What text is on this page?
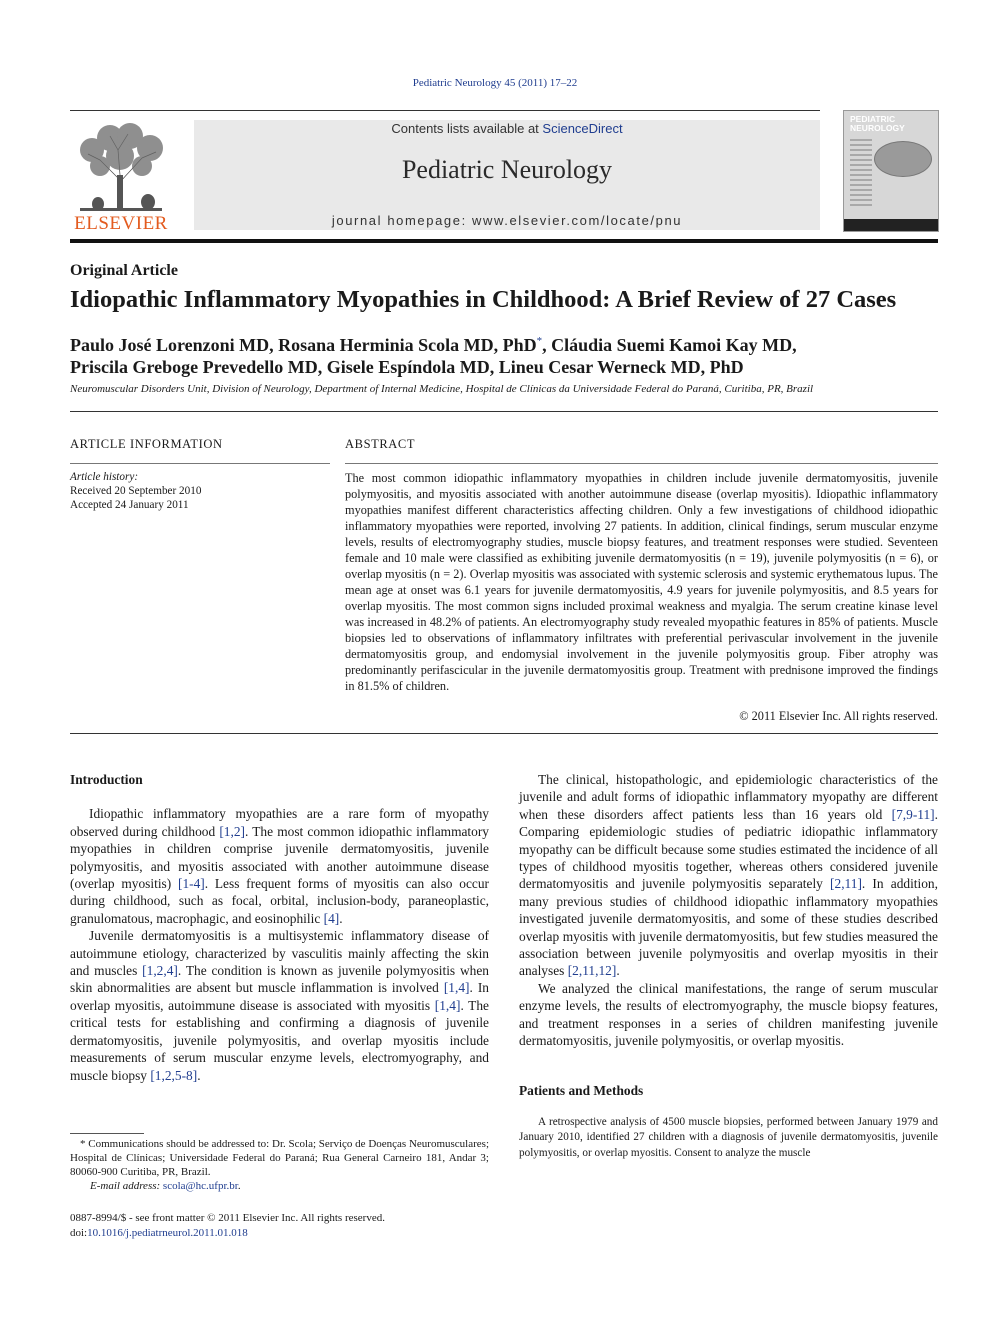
Pediatric Neurology 45 (2011) 17–22
ELSEVIER
Contents lists available at ScienceDirect
Pediatric Neurology
journal homepage: www.elsevier.com/locate/pnu
PEDIATRIC NEUROLOGY
Original Article
Idiopathic Inflammatory Myopathies in Childhood: A Brief Review of 27 Cases
Paulo José Lorenzoni MD, Rosana Herminia Scola MD, PhD*, Cláudia Suemi Kamoi Kay MD,
Priscila Greboge Prevedello MD, Gisele Espíndola MD, Lineu Cesar Werneck MD, PhD
Neuromuscular Disorders Unit, Division of Neurology, Department of Internal Medicine, Hospital de Clínicas da Universidade Federal do Paraná, Curitiba, PR, Brazil
ARTICLE INFORMATION	ABSTRACT
Article history:
Received 20 September 2010
Accepted 24 January 2011
The most common idiopathic inflammatory myopathies in children include juvenile dermatomyositis, juvenile polymyositis, and myositis associated with another autoimmune disease (overlap myositis). Idiopathic inflammatory myopathies manifest different characteristics affecting children. Only a few investigations of childhood idiopathic inflammatory myopathies were reported, involving 27 patients. In addition, clinical findings, serum muscular enzyme levels, results of electromyography studies, muscle biopsy features, and treatment responses were studied. Seventeen female and 10 male were classified as exhibiting juvenile dermatomyositis (n = 19), juvenile polymyositis (n = 6), or overlap myositis (n = 2). Overlap myositis was associated with systemic sclerosis and systemic erythematous lupus. The mean age at onset was 6.1 years for juvenile dermatomyositis, 4.9 years for juvenile polymyositis, and 8.5 years for overlap myositis. The most common signs included proximal weakness and myalgia. The serum creatine kinase level was increased in 48.2% of patients. An electromyography study revealed myopathic features in 85% of patients. Muscle biopsies led to observations of inflammatory infiltrates with preferential perivascular involvement in the juvenile dermatomyositis group, and endomysial involvement in the juvenile polymyositis group. Fiber atrophy was predominantly perifascicular in the juvenile dermatomyositis group. Treatment with prednisone improved the findings in 81.5% of children.
© 2011 Elsevier Inc. All rights reserved.
Introduction

Idiopathic inflammatory myopathies are a rare form of myopathy observed during childhood [1,2]. The most common idiopathic inflammatory myopathies in children comprise juvenile dermatomyositis, juvenile polymyositis, and myositis associated with another autoimmune disease (overlap myositis) [1-4]. Less frequent forms of myositis can also occur during childhood, such as focal, orbital, inclusion-body, paraneoplastic, granulomatous, macrophagic, and eosinophilic [4].

Juvenile dermatomyositis is a multisystemic inflammatory disease of autoimmune etiology, characterized by vasculitis mainly affecting the skin and muscles [1,2,4]. The condition is known as juvenile polymyositis when skin abnormalities are absent but muscle inflammation is involved [1,4]. In overlap myositis, autoimmune disease is associated with myositis [1,4]. The critical tests for establishing and confirming a diagnosis of juvenile dermatomyositis, juvenile polymyositis, and overlap myositis include measurements of serum muscular enzyme levels, electromyography, and muscle biopsy [1,2,5-8].

The clinical, histopathologic, and epidemiologic characteristics of the juvenile and adult forms of idiopathic inflammatory myopathy are different when these disorders affect patients less than 16 years old [7,9-11]. Comparing epidemiologic studies of pediatric idiopathic inflammatory myopathy can be difficult because some studies estimated the incidence of all types of childhood myositis together, whereas others considered juvenile dermatomyositis and juvenile polymyositis separately [2,11]. In addition, many previous studies of childhood idiopathic inflammatory myopathies investigated juvenile dermatomyositis, and some of these studies described overlap myositis with juvenile dermatomyositis, but few studies measured the association between juvenile polymyositis and overlap myositis in their analyses [2,11,12].

We analyzed the clinical manifestations, the range of serum muscular enzyme levels, the results of electromyography, the muscle biopsy features, and treatment responses in a series of children manifesting juvenile dermatomyositis, juvenile polymyositis, or overlap myositis.

Patients and Methods

A retrospective analysis of 4500 muscle biopsies, performed between January 1979 and January 2010, identified 27 children with a diagnosis of juvenile dermatomyositis, juvenile polymyositis, or overlap myositis. Consent to analyze the muscle

* Communications should be addressed to: Dr. Scola; Serviço de Doenças Neuromusculares; Hospital de Clínicas; Universidade Federal do Paraná; Rua General Carneiro 181, Andar 3; 80060-900 Curitiba, PR, Brazil.
E-mail address: scola@hc.ufpr.br.
0887-8994/$ - see front matter © 2011 Elsevier Inc. All rights reserved.
doi:10.1016/j.pediatrneurol.2011.01.018
